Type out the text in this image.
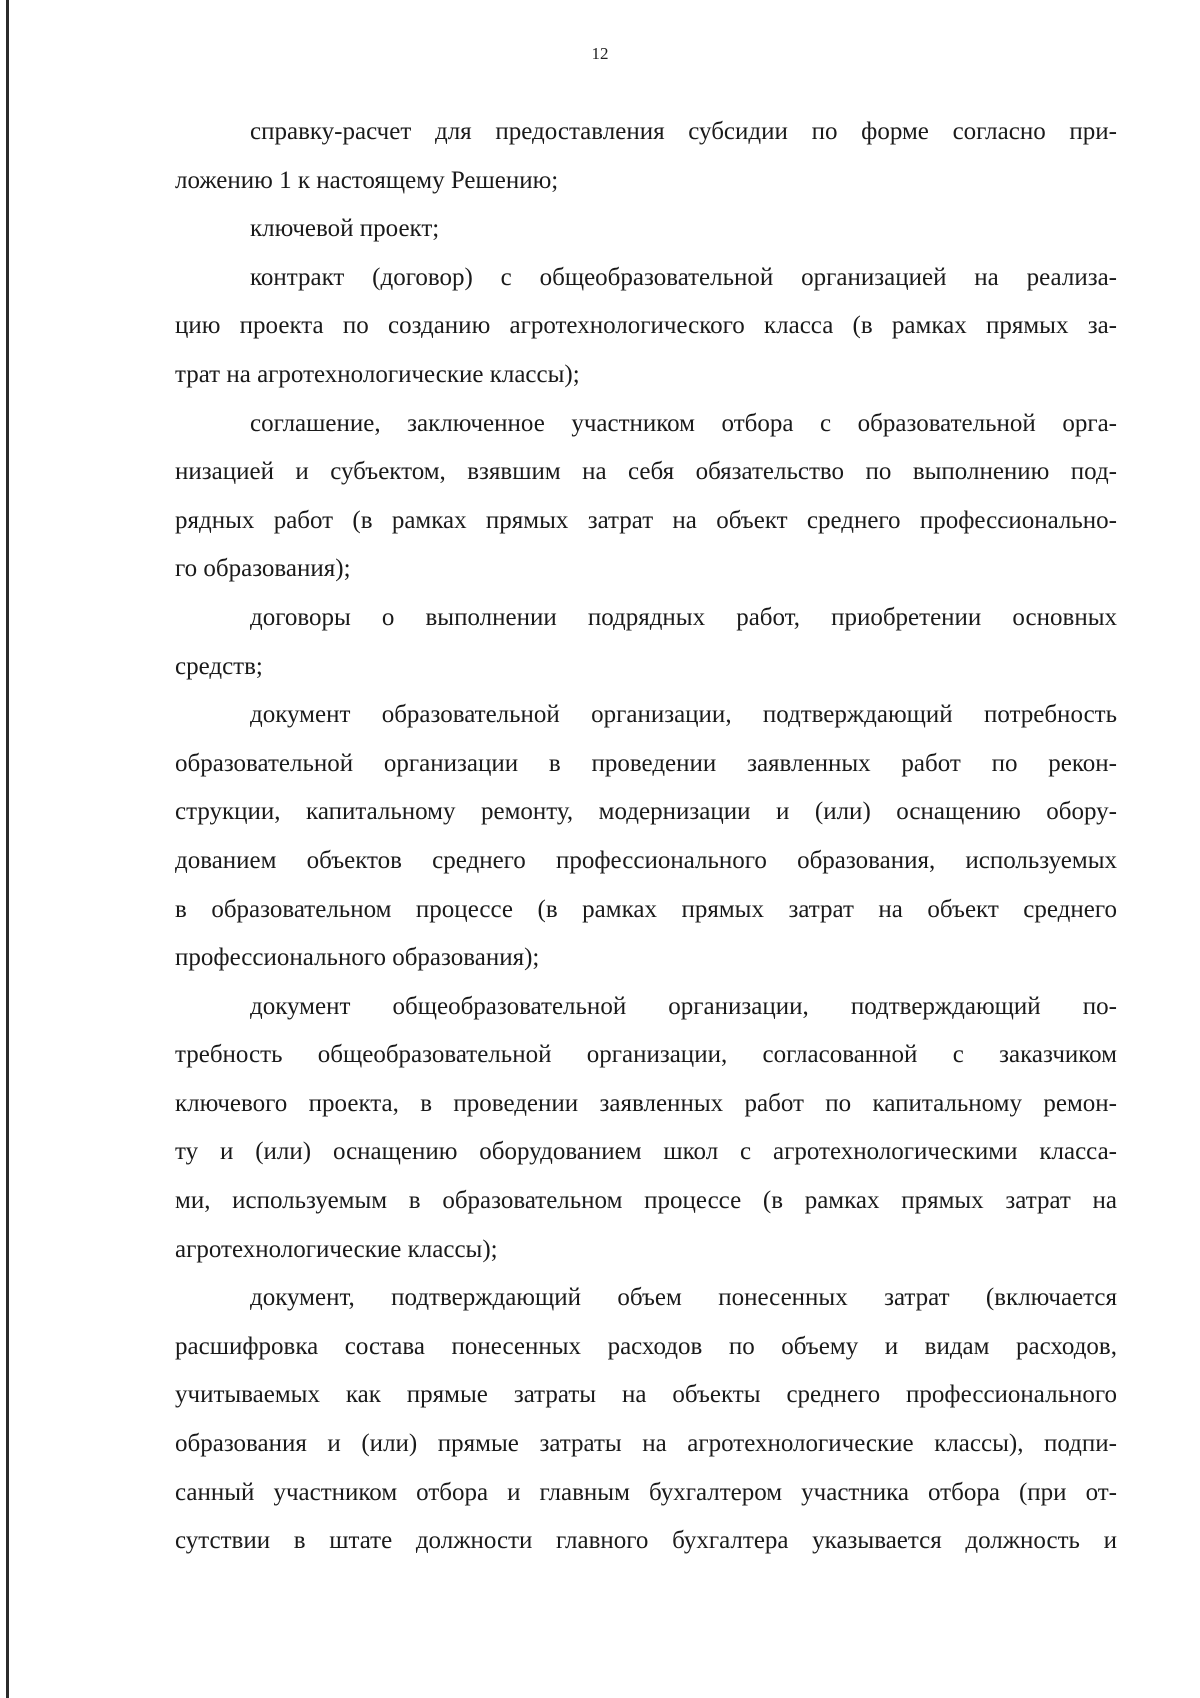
12
справку-расчет для предоставления субсидии по форме согласно при-
ложению 1 к настоящему Решению;
ключевой проект;
контракт (договор) с общеобразовательной организацией на реализа-
цию проекта по созданию агротехнологического класса (в рамках прямых за-
трат на агротехнологические классы);
соглашение, заключенное участником отбора с образовательной орга-
низацией и субъектом, взявшим на себя обязательство по выполнению под-
рядных работ (в рамках прямых затрат на объект среднего профессионально-
го образования);
договоры о выполнении подрядных работ, приобретении основных
средств;
документ образовательной организации, подтверждающий потребность
образовательной организации в проведении заявленных работ по рекон-
струкции, капитальному ремонту, модернизации и (или) оснащению обору-
дованием объектов среднего профессионального образования, используемых
в образовательном процессе (в рамках прямых затрат на объект среднего
профессионального образования);
документ общеобразовательной организации, подтверждающий по-
требность общеобразовательной организации, согласованной с заказчиком
ключевого проекта, в проведении заявленных работ по капитальному ремон-
ту и (или) оснащению оборудованием школ с агротехнологическими класса-
ми, используемым в образовательном процессе (в рамках прямых затрат на
агротехнологические классы);
документ, подтверждающий объем понесенных затрат (включается
расшифровка состава понесенных расходов по объему и видам расходов,
учитываемых как прямые затраты на объекты среднего профессионального
образования и (или) прямые затраты на агротехнологические классы), подпи-
санный участником отбора и главным бухгалтером участника отбора (при от-
сутствии в штате должности главного бухгалтера указывается должность и
